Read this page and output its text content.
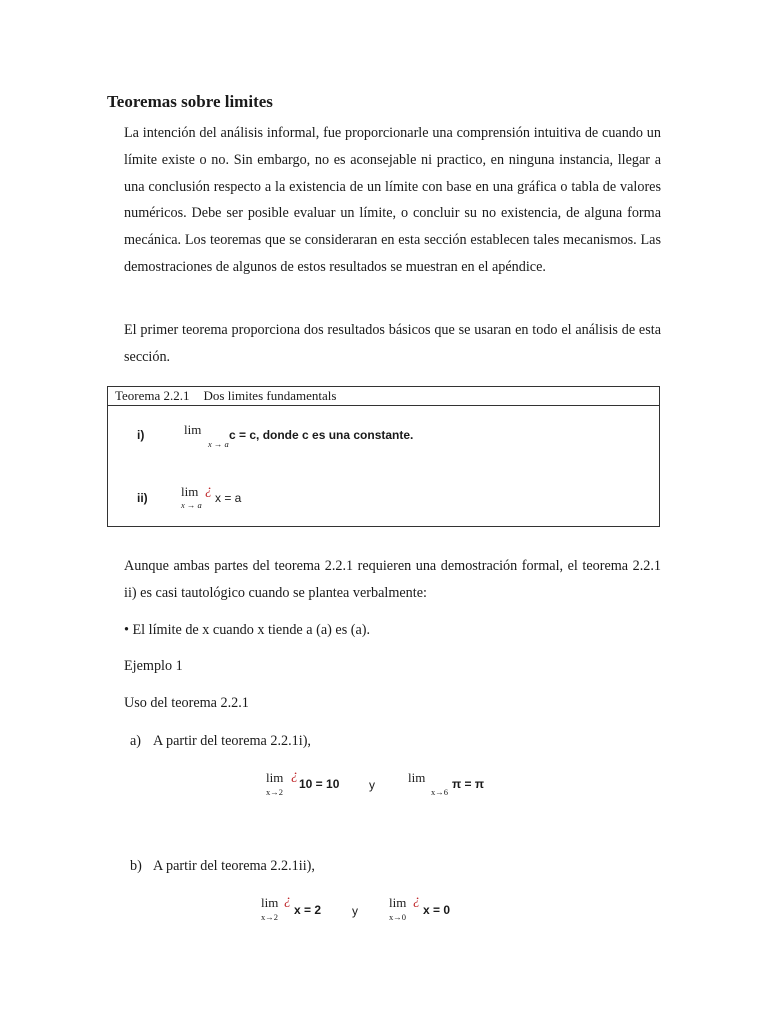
Teoremas sobre limites

La intención del análisis informal, fue proporcionarle una comprensión intuitiva de cuando un límite existe o no. Sin embargo, no es aconsejable ni practico, en ninguna instancia, llegar a una conclusión respecto a la existencia de un límite con base en una gráfica o tabla de valores numéricos. Debe ser posible evaluar un límite, o concluir su no existencia, de alguna forma mecánica. Los teoremas que se consideraran en esta sección establecen tales mecanismos. Las demostraciones de algunos de estos resultados se muestran en el apéndice.

El primer teorema proporciona dos resultados básicos que se usaran en todo el análisis de esta sección.

Teorema 2.2.1 Dos limites fundamentals
i)	lim
x → a
c = c, donde c es una constante.
ii)	lim
x → a
¿ x = a

Aunque ambas partes del teorema 2.2.1 requieren una demostración formal, el teorema 2.2.1 ii) es casi tautológico cuando se plantea verbalmente:

• El límite de x cuando x tiende a (a) es (a).

Ejemplo 1

Uso del teorema 2.2.1

a) A partir del teorema 2.2.1i),

lim
x→2
¿
10 = 10 y	lim
x→6
π = π

b) A partir del teorema 2.2.1ii),

lim
x→2
¿
x = 2	y
lim
x→0
¿
x = 0
